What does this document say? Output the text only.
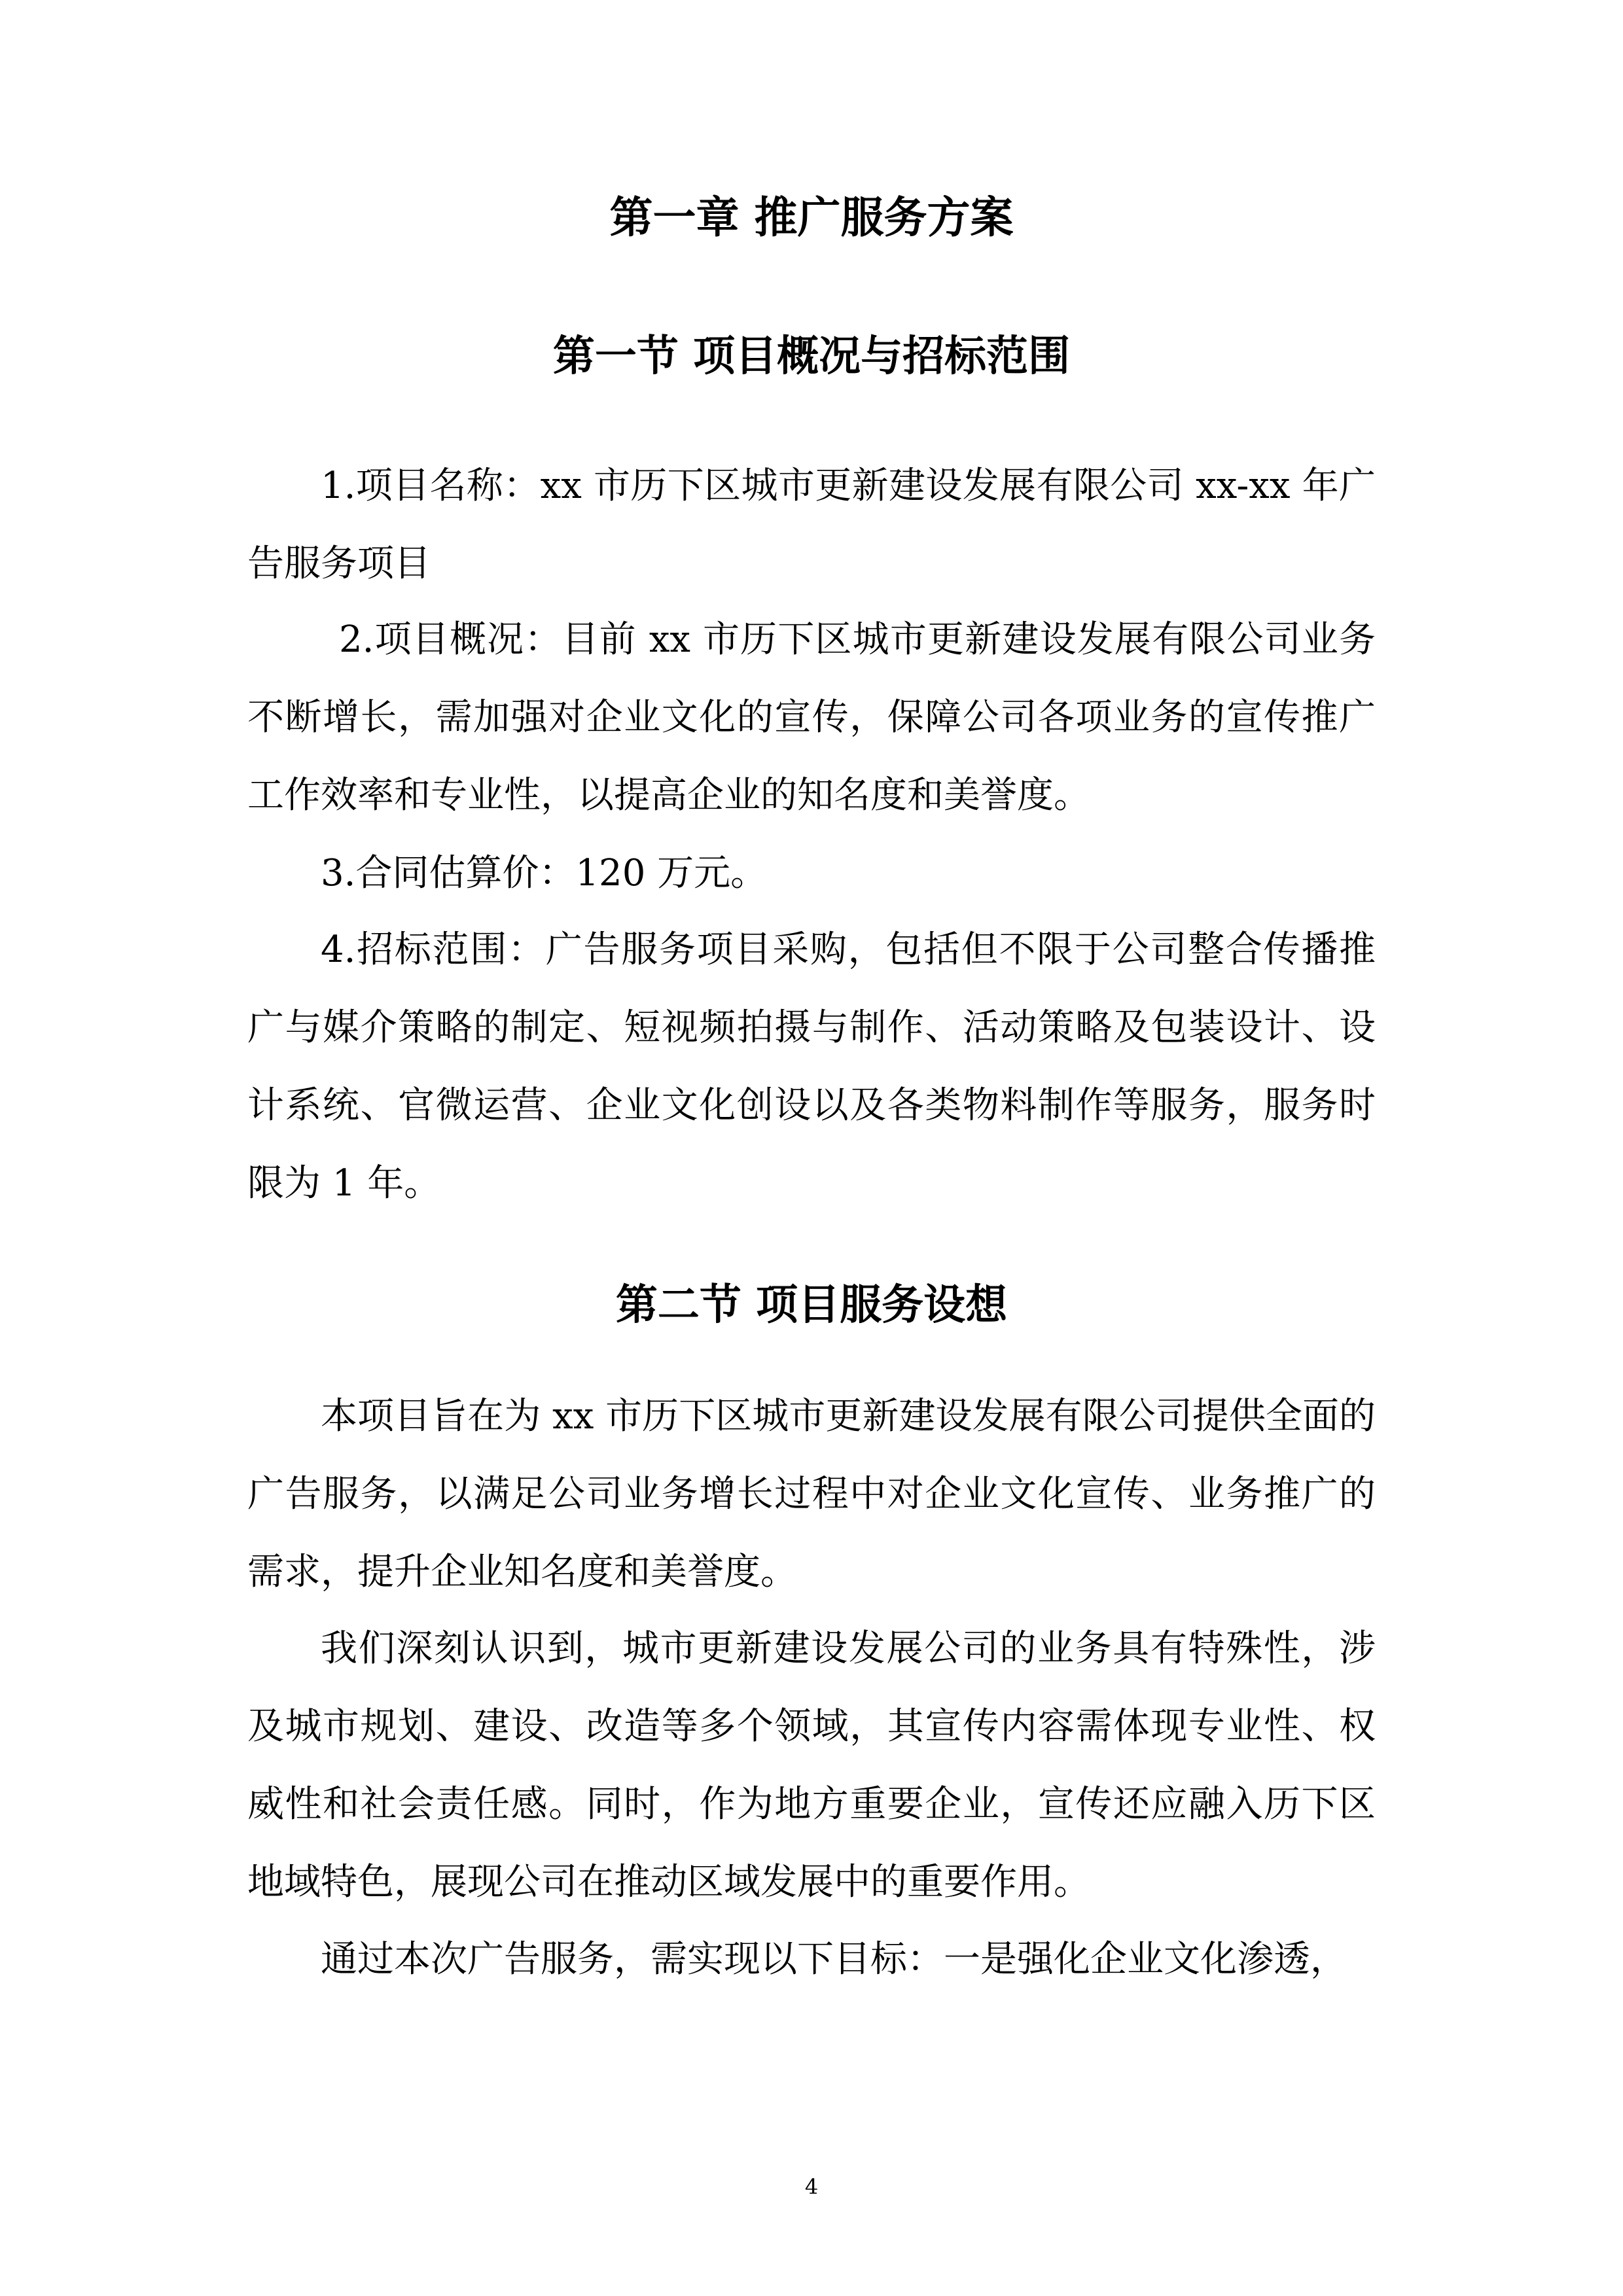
第一章 推广服务方案
第一节 项目概况与招标范围

1.项目名称：xx 市历下区城市更新建设发展有限公司 xx-xx 年广告服务项目

2.项目概况：目前 xx 市历下区城市更新建设发展有限公司业务不断增长，需加强对企业文化的宣传，保障公司各项业务的宣传推广工作效率和专业性，以提高企业的知名度和美誉度。

3.合同估算价：120 万元。

4.招标范围：广告服务项目采购，包括但不限于公司整合传播推广与媒介策略的制定、短视频拍摄与制作、活动策略及包装设计、设计系统、官微运营、企业文化创设以及各类物料制作等服务，服务时限为 1 年。

第二节 项目服务设想

本项目旨在为 xx 市历下区城市更新建设发展有限公司提供全面的广告服务，以满足公司业务增长过程中对企业文化宣传、业务推广的需求，提升企业知名度和美誉度。

我们深刻认识到，城市更新建设发展公司的业务具有特殊性，涉及城市规划、建设、改造等多个领域，其宣传内容需体现专业性、权威性和社会责任感。同时，作为地方重要企业，宣传还应融入历下区地域特色，展现公司在推动区域发展中的重要作用。

通过本次广告服务，需实现以下目标：一是强化企业文化渗透，

4
